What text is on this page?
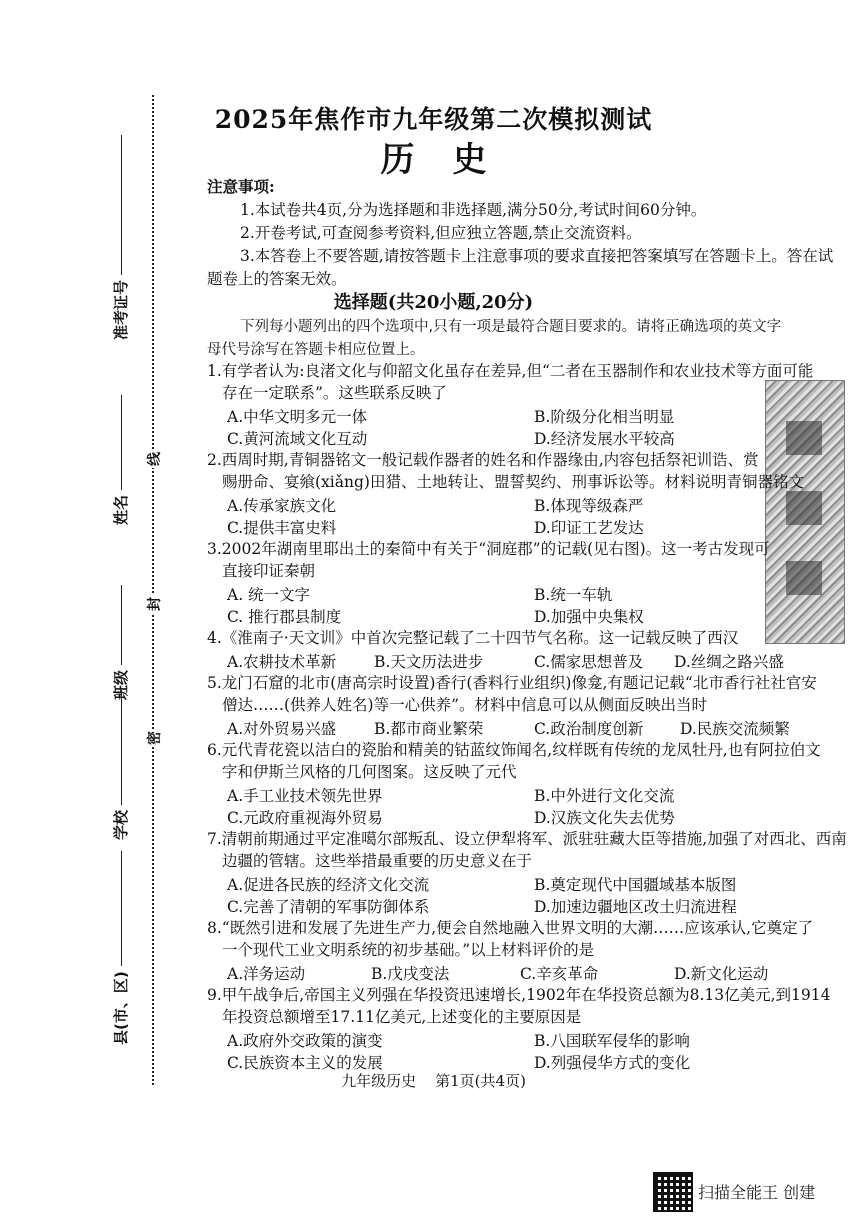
准考证号
姓名
班级
学校
县(市、区)
线
封
密
2025年焦作市九年级第二次模拟测试
历史
注意事项:
1.本试卷共4页,分为选择题和非选择题,满分50分,考试时间60分钟。
2.开卷考试,可查阅参考资料,但应独立答题,禁止交流资料。
3.本答卷上不要答题,请按答题卡上注意事项的要求直接把答案填写在答题卡上。答在试
题卷上的答案无效。
选择题(共20小题,20分)
下列每小题列出的四个选项中,只有一项是最符合题目要求的。请将正确选项的英文字
母代号涂写在答题卡相应位置上。
1.有学者认为:良渚文化与仰韶文化虽存在差异,但“二者在玉器制作和农业技术等方面可能
存在一定联系”。这些联系反映了
A.中华文明多元一体	B.阶级分化相当明显
C.黄河流域文化互动	D.经济发展水平较高
2.西周时期,青铜器铭文一般记载作器者的姓名和作器缘由,内容包括祭祀训诰、赏
赐册命、宴飨(xiǎng)田猎、土地转让、盟誓契约、刑事诉讼等。材料说明青铜器铭文
A.传承家族文化	B.体现等级森严
C.提供丰富史料	D.印证工艺发达
3.2002年湖南里耶出土的秦简中有关于“洞庭郡”的记载(见右图)。这一考古发现可
直接印证秦朝
A. 统一文字	B.统一车轨
C. 推行郡县制度	D.加强中央集权
4.《淮南子·天文训》中首次完整记载了二十四节气名称。这一记载反映了西汉
A.农耕技术革新 B.天文历法进步	C.儒家思想普及 D.丝绸之路兴盛
5.龙门石窟的北市(唐高宗时设置)香行(香料行业组织)像龛,有题记记载“北市香行社社官安
僧达……(供养人姓名)等一心供养”。材料中信息可以从侧面反映出当时
A.对外贸易兴盛 B.都市商业繁荣	C.政治制度创新 D.民族交流频繁
6.元代青花瓷以洁白的瓷胎和精美的钴蓝纹饰闻名,纹样既有传统的龙凤牡丹,也有阿拉伯文
字和伊斯兰风格的几何图案。这反映了元代
A.手工业技术领先世界	B.中外进行文化交流
C.元政府重视海外贸易	D.汉族文化失去优势
7.清朝前期通过平定准噶尔部叛乱、设立伊犁将军、派驻驻藏大臣等措施,加强了对西北、西南
边疆的管辖。这些举措最重要的历史意义在于
A.促进各民族的经济文化交流	B.奠定现代中国疆域基本版图
C.完善了清朝的军事防御体系	D.加速边疆地区改土归流进程
8.“既然引进和发展了先进生产力,便会自然地融入世界文明的大潮……应该承认,它奠定了
一个现代工业文明系统的初步基础。”以上材料评价的是
A.洋务运动	B.戊戌变法	C.辛亥革命	D.新文化运动
9.甲午战争后,帝国主义列强在华投资迅速增长,1902年在华投资总额为8.13亿美元,到1914
年投资总额增至17.11亿美元,上述变化的主要原因是
A.政府外交政策的演变	B.八国联军侵华的影响
C.民族资本主义的发展	D.列强侵华方式的变化
九年级历史    第1页(共4页)
扫描全能王 创建
